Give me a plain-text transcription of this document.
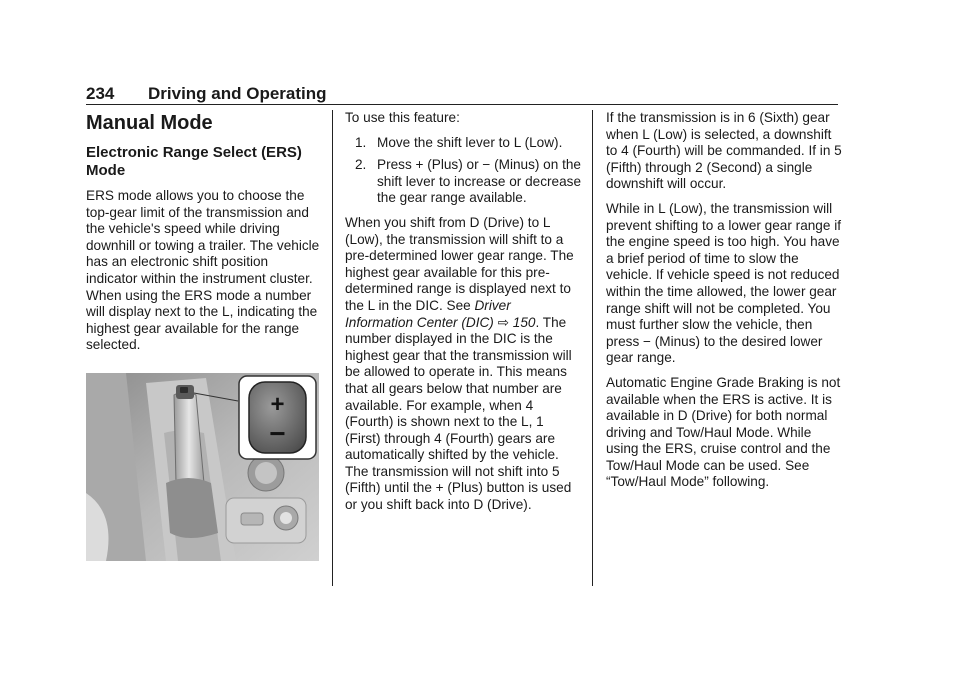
234 Driving and Operating
Manual Mode
Electronic Range Select (ERS) Mode

ERS mode allows you to choose the top-gear limit of the transmission and the vehicle's speed while driving downhill or towing a trailer. The vehicle has an electronic shift position indicator within the instrument cluster. When using the ERS mode a number will display next to the L, indicating the highest gear available for the range selected.

+
−

To use this feature:

1. Move the shift lever to L (Low).
2. Press + (Plus) or − (Minus) on the shift lever to increase or decrease the gear range available.

When you shift from D (Drive) to L (Low), the transmission will shift to a pre-determined lower gear range. The highest gear available for this pre-determined range is displayed next to the L in the DIC. See Driver Information Center (DIC) ⇨ 150. The number displayed in the DIC is the highest gear that the transmission will be allowed to operate in. This means that all gears below that number are available. For example, when 4 (Fourth) is shown next to the L, 1 (First) through 4 (Fourth) gears are automatically shifted by the vehicle. The transmission will not shift into 5 (Fifth) until the + (Plus) button is used or you shift back into D (Drive).

If the transmission is in 6 (Sixth) gear when L (Low) is selected, a downshift to 4 (Fourth) will be commanded. If in 5 (Fifth) through 2 (Second) a single downshift will occur.

While in L (Low), the transmission will prevent shifting to a lower gear range if the engine speed is too high. You have a brief period of time to slow the vehicle. If vehicle speed is not reduced within the time allowed, the lower gear range shift will not be completed. You must further slow the vehicle, then press − (Minus) to the desired lower gear range.

Automatic Engine Grade Braking is not available when the ERS is active. It is available in D (Drive) for both normal driving and Tow/Haul Mode. While using the ERS, cruise control and the Tow/Haul Mode can be used. See “Tow/Haul Mode” following.
